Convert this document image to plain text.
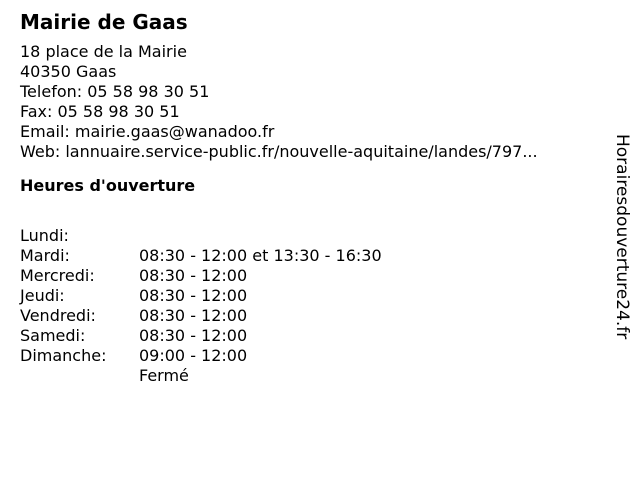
Mairie de Gaas
18 place de la Mairie
40350 Gaas
Telefon: 05 58 98 30 51
Fax: 05 58 98 30 51
Email: mairie.gaas@wanadoo.fr
Web: lannuaire.service-public.fr/nouvelle-aquitaine/landes/797...
Heures d'ouverture

Lundi:

08:30 - 12:00 et 13:30 - 16:30

Mardi:

08:30 - 12:00

Mercredi:

08:30 - 12:00

Jeudi:

08:30 - 12:00

Vendredi:

08:30 - 12:00

Samedi:

09:00 - 12:00

Dimanche:

Fermé

Horairesdouverture24.fr
